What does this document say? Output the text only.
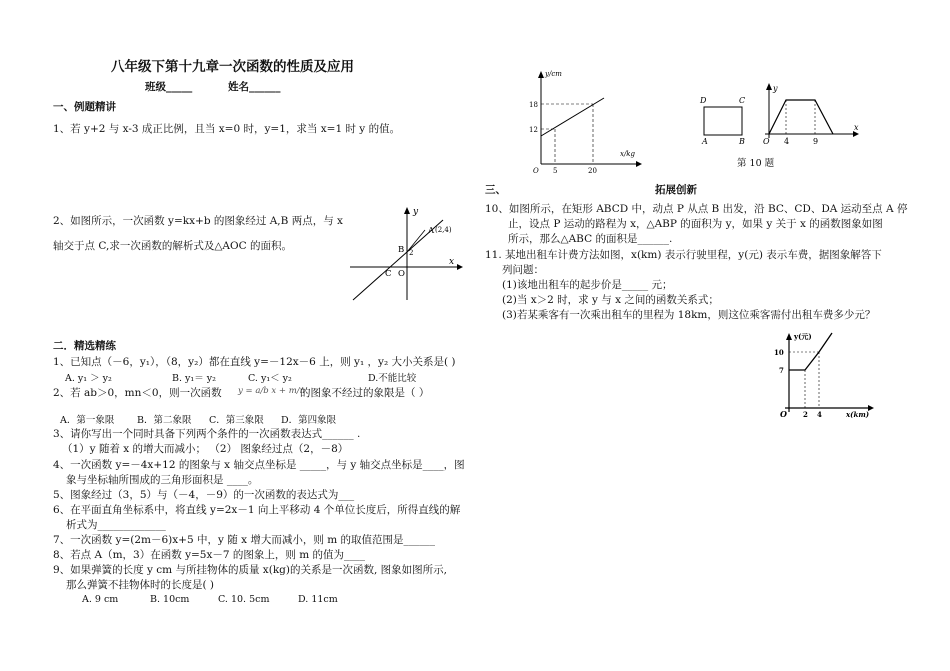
八年级下第十九章一次函数的性质及应用
班级_____	姓名______
一、例题精讲
1、若 y+2 与 x-3 成正比例，且当 x=0 时，y=1，求当 x=1 时 y 的值。
2、如图所示，一次函数 y=kx+b 的图象经过 A,B 两点，与 x
轴交于点 C,求一次函数的解析式及△AOC 的面积。
y
x
A (2,4)
B 2
C O
二．精选精练
1、已知点（－6，y₁），（8，y₂）都在直线 y=－12x－6 上，则 y₁ ，y₂ 大小关系是( )
A. y₁ ＞ y₂	B. y₁＝ y₂	C. y₁＜ y₂	D.不能比较
2、若 ab＞0，mn＜0，则一次函数 y = a/b x + m/n
的图象不经过的象限是（ ）
A．第一象限 B．第二象限 C．第三象限 D．第四象限
3、请你写出一个同时具备下列两个条件的一次函数表达式______ .
（1）y 随着 x 的增大而减小； （2） 图象经过点（2，－8）
4、一次函数 y=－4x+12 的图象与 x 轴交点坐标是 _____，与 y 轴交点坐标是____，图
象与坐标轴所围成的三角形面积是 ____。
5、图象经过（3，5）与（－4，－9）的一次函数的表达式为___
6、在平面直角坐标系中，将直线 y=2x－1 向上平移动 4 个单位长度后，所得直线的解
析式为_____________
7、一次函数 y=(2m－6)x+5 中，y 随 x 增大而减小，则 m 的取值范围是______
8、若点 A（m，3）在函数 y=5x－7 的图象上，则 m 的值为____
9、如果弹簧的长度 y cm 与所挂物体的质量 x(kg)的关系是一次函数, 图象如图所示,
那么弹簧不挂物体时的长度是( )
A. 9 cm	B. 10cm	C. 10. 5cm	D. 11cm
y/cm
x/kg
18
12
O 5	20
D	C
A	B
y
x
O 4	9
第 10 题
三、	拓展创新
10、如图所示，在矩形 ABCD 中，动点 P 从点 B 出发，沿 BC、CD、DA 运动至点 A 停
止，设点 P 运动的路程为 x，△ABP 的面积为 y，如果 y 关于 x 的函数图象如图
所示，那么△ABC 的面积是______.
11. 某地出租车计费方法如图，x(km) 表示行驶里程，y(元) 表示车费，据图象解答下
列问题：
(1)该地出租车的起步价是_____ 元；
(2)当 x＞2 时，求 y 与 x 之间的函数关系式；
(3)若某乘客有一次乘出租车的里程为 18km，则这位乘客需付出租车费多少元？
y(元)
10
7
O 2 4	x(km)
